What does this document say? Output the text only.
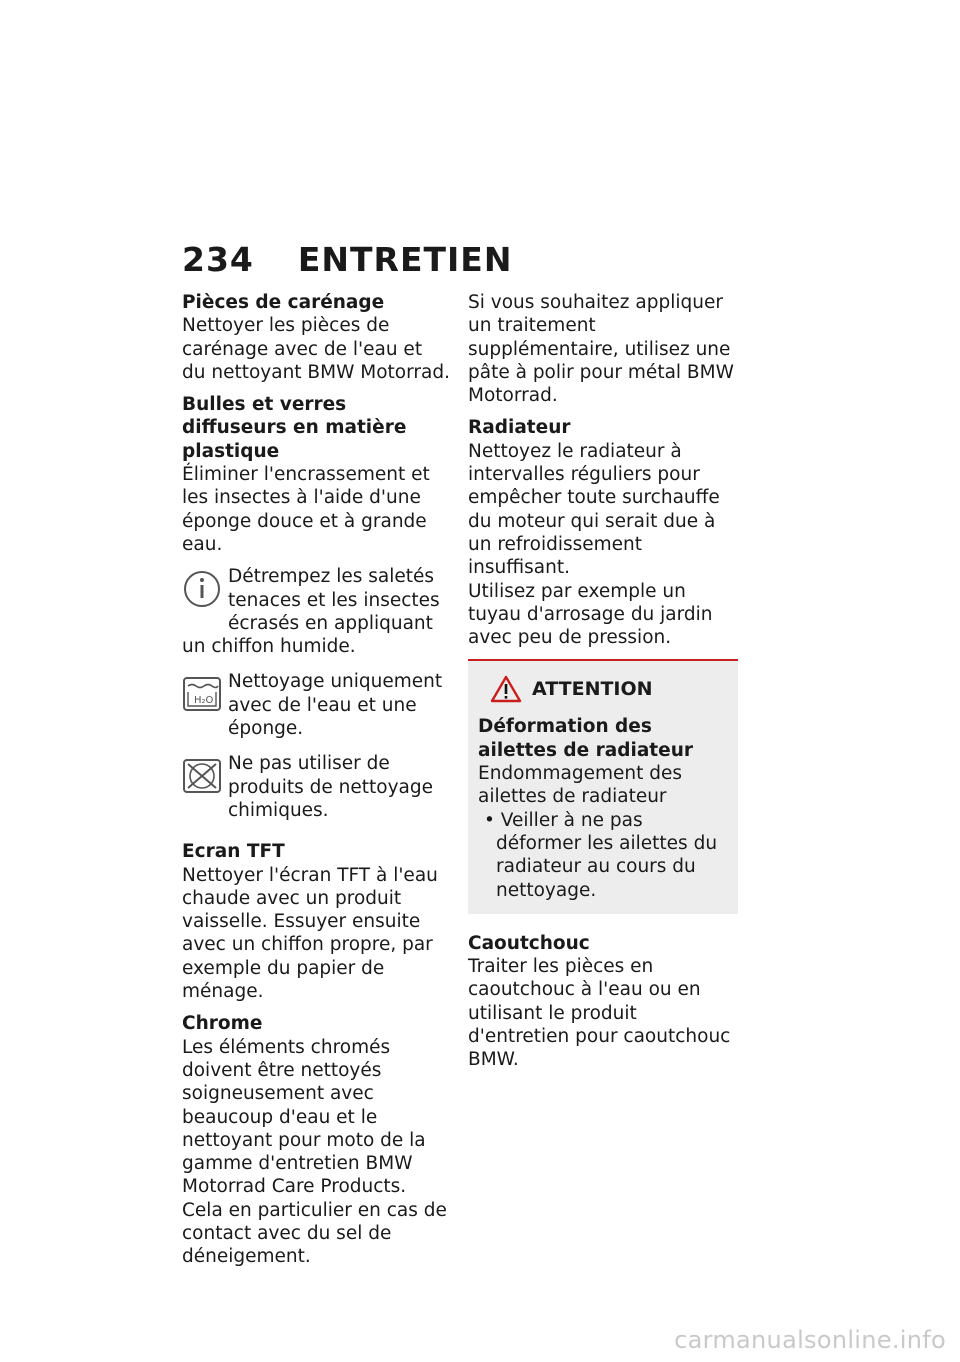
234 ENTRETIEN
Pièces de carénage

Nettoyer les pièces de carénage avec de l'eau et du nettoyant BMW Motorrad.

Bulles et verres diffuseurs en matière plastique

Éliminer l'encrassement et les insectes à l'aide d'une éponge douce et à grande eau.

Détrempez les saletés tenaces et les insectes écrasés en appliquant un chiffon humide.

H₂O

Nettoyage uniquement avec de l'eau et une éponge.

Ne pas utiliser de produits de nettoyage chimiques.

Ecran TFT

Nettoyer l'écran TFT à l'eau chaude avec un produit vaisselle. Essuyer ensuite avec un chiffon propre, par exemple du papier de ménage.

Chrome

Les éléments chromés doivent être nettoyés soigneusement avec beaucoup d'eau et le nettoyant pour moto de la gamme d'entretien BMW Motorrad Care Products. Cela en particulier en cas de contact avec du sel de déneigement.

Si vous souhaitez appliquer un traitement supplémentaire, utilisez une pâte à polir pour métal BMW Motorrad.

Radiateur

Nettoyez le radiateur à intervalles réguliers pour empêcher toute surchauffe du moteur qui serait due à un refroidissement insuffisant.

Utilisez par exemple un tuyau d'arrosage du jardin avec peu de pression.

ATTENTION
Déformation des ailettes de radiateur

Endommagement des ailettes de radiateur

• Veiller à ne pas déformer les ailettes du radiateur au cours du nettoyage.
Caoutchouc

Traiter les pièces en caoutchouc à l'eau ou en utilisant le produit d'entretien pour caoutchouc BMW.

carmanualsonline.info
